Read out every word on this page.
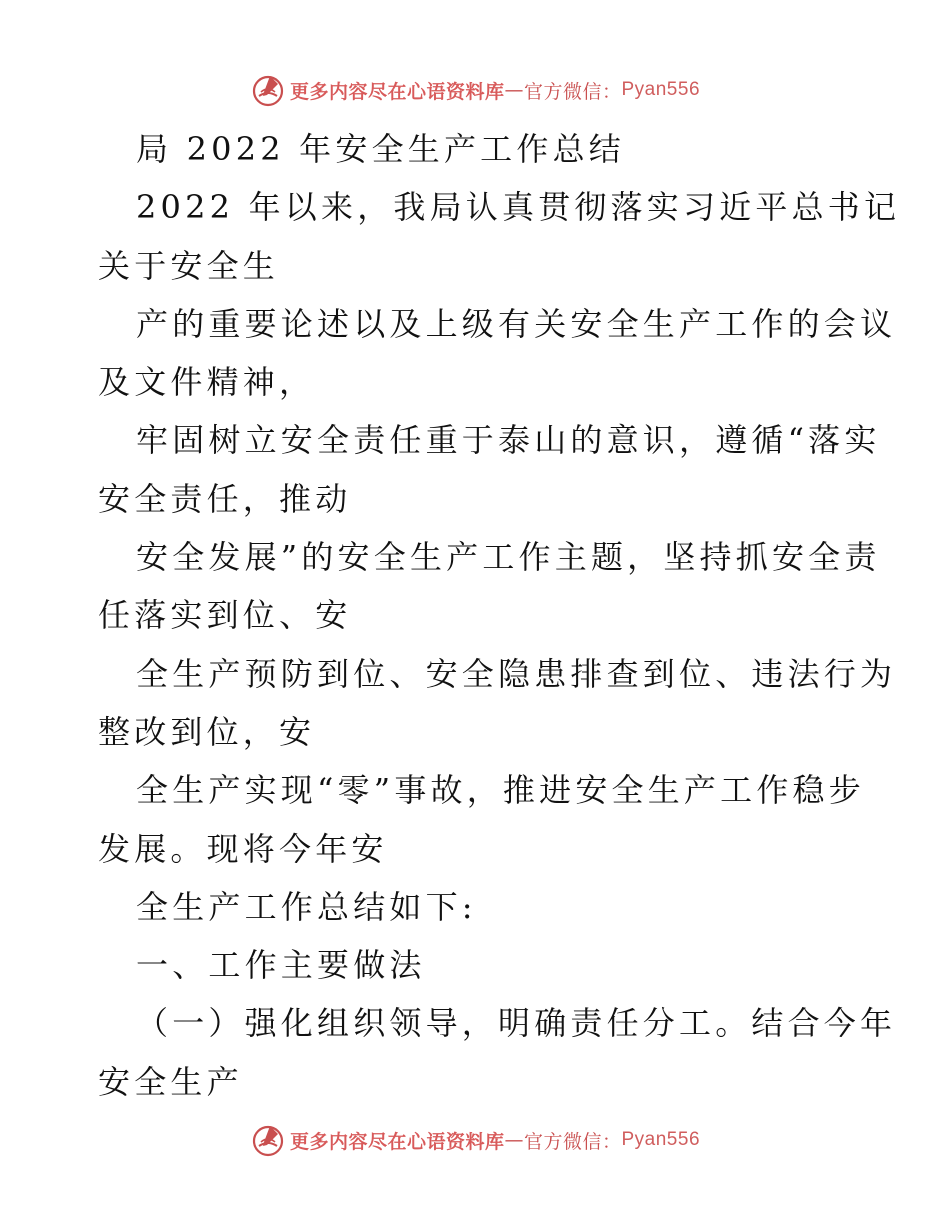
更多内容尽在心语资料库 — 官方微信： Pyan556
局 2022 年安全生产工作总结
2022 年以来，我局认真贯彻落实习近平总书记
关于安全生
产的重要论述以及上级有关安全生产工作的会议
及文件精神，
牢固树立安全责任重于泰山的意识，遵循“落实
安全责任，推动
安全发展”的安全生产工作主题，坚持抓安全责
任落实到位、安
全生产预防到位、安全隐患排查到位、违法行为
整改到位，安
全生产实现“零”事故，推进安全生产工作稳步
发展。现将今年安
全生产工作总结如下:
一、工作主要做法
（一）强化组织领导，明确责任分工。结合今年
安全生产
更多内容尽在心语资料库 — 官方微信： Pyan556
